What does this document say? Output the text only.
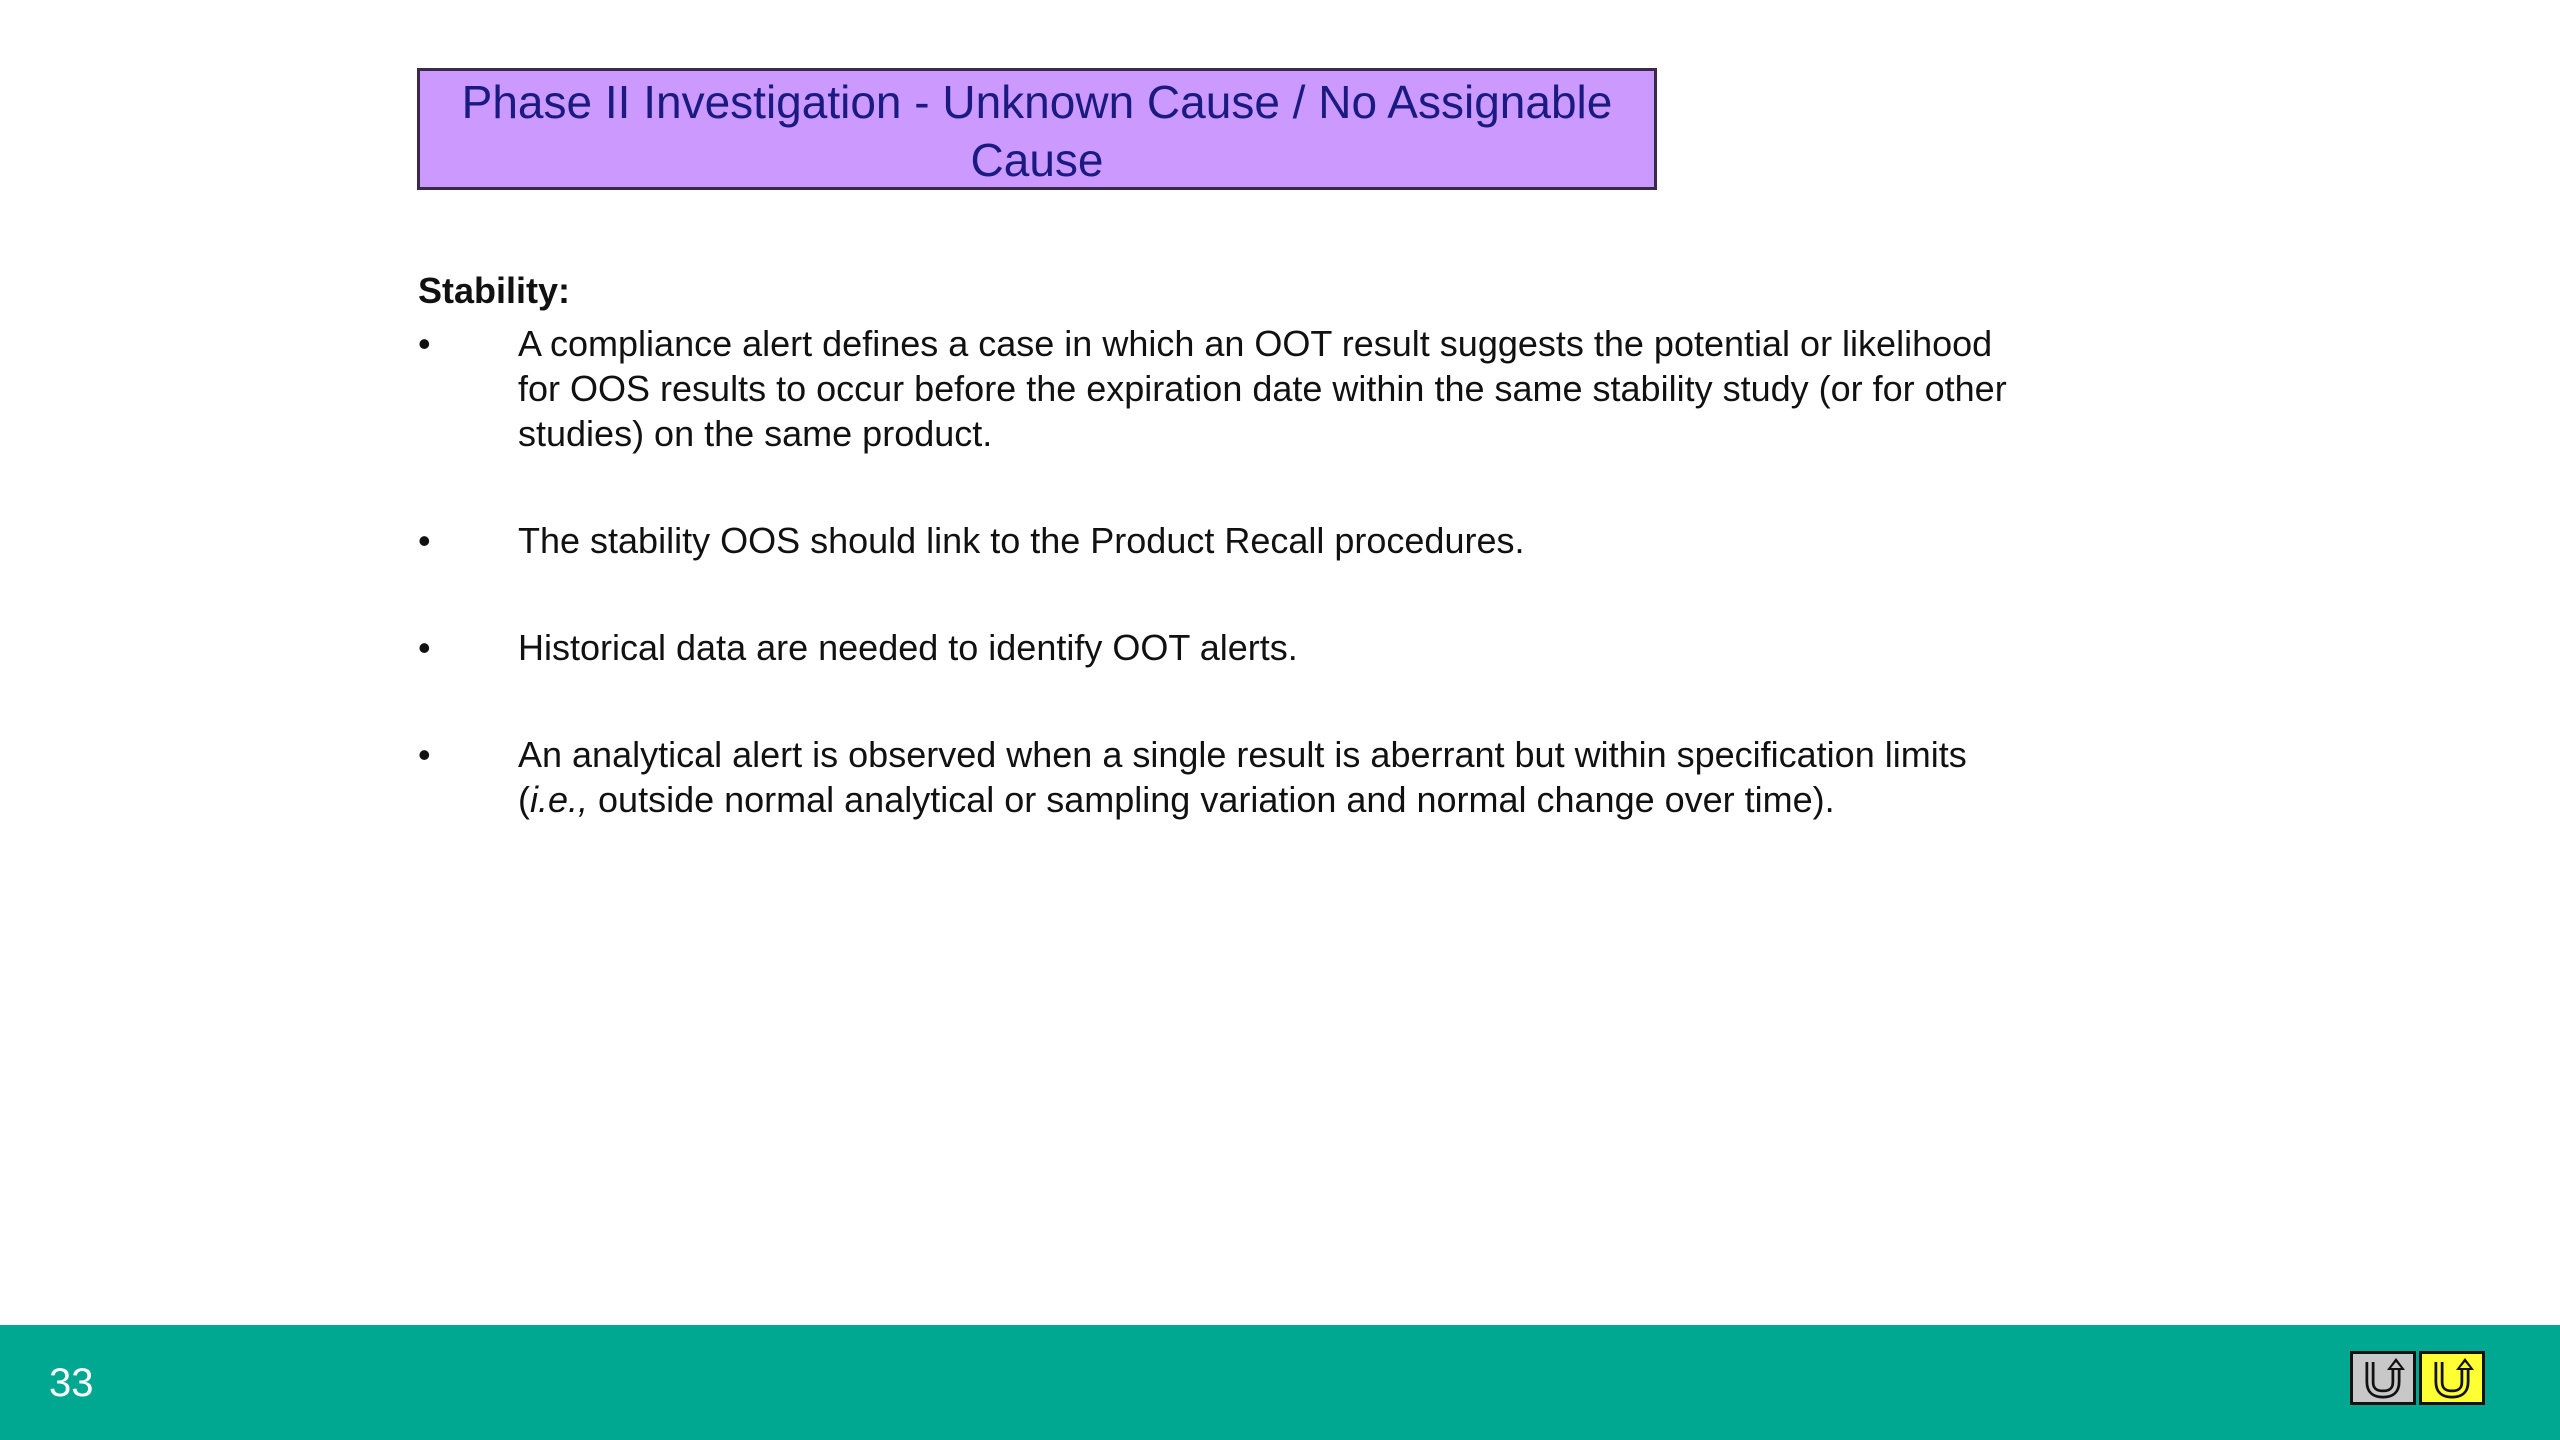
Phase II Investigation - Unknown Cause / No Assignable
Cause
Stability:
• A compliance alert defines a case in which an OOT result suggests the potential or likelihood
for OOS results to occur before the expiration date within the same stability study (or for other
studies) on the same product.
• The stability OOS should link to the Product Recall procedures.
• Historical data are needed to identify OOT alerts.
• An analytical alert is observed when a single result is aberrant but within specification limits
(i.e., outside normal analytical or sampling variation and normal change over time).
33
